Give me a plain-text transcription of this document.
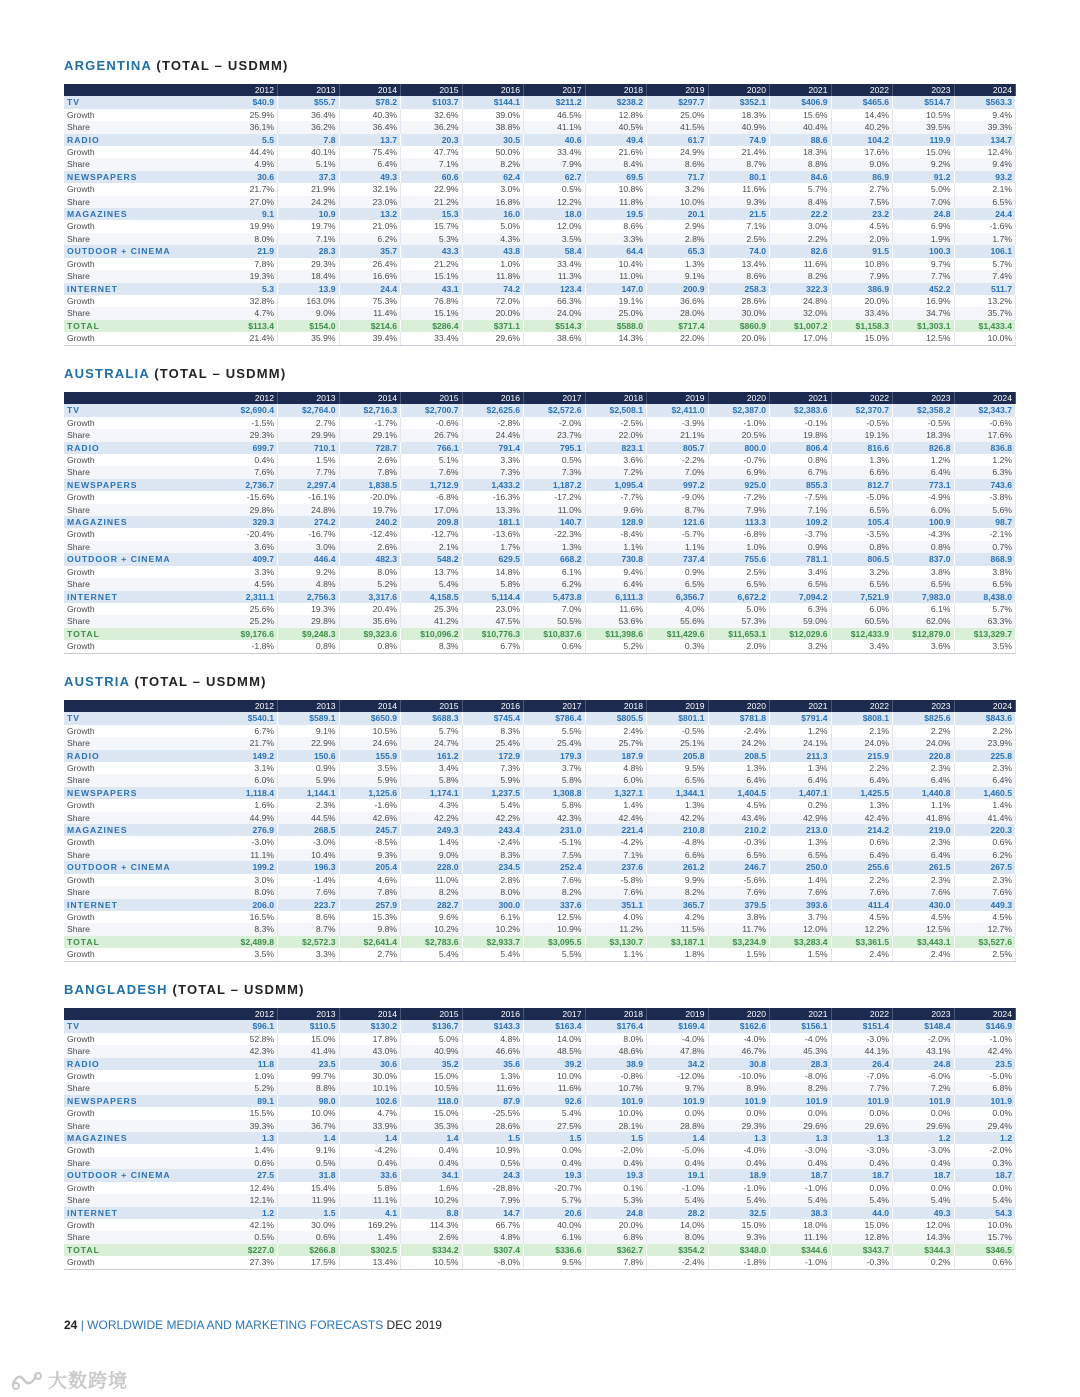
ARGENTINA (TOTAL – USDMM)
	2012	2013	2014	2015	2016	2017	2018	2019	2020	2021	2022	2023	2024
TV	$40.9	$55.7	$78.2	$103.7	$144.1	$211.2	$238.2	$297.7	$352.1	$406.9	$465.6	$514.7	$563.3
Growth	25.9%	36.4%	40.3%	32.6%	39.0%	46.5%	12.8%	25.0%	18.3%	15.6%	14.4%	10.5%	9.4%
Share	36.1%	36.2%	36.4%	36.2%	38.8%	41.1%	40.5%	41.5%	40.9%	40.4%	40.2%	39.5%	39.3%
RADIO	5.5	7.8	13.7	20.3	30.5	40.6	49.4	61.7	74.9	88.6	104.2	119.9	134.7
Growth	44.4%	40.1%	75.4%	47.7%	50.0%	33.4%	21.6%	24.9%	21.4%	18.3%	17.6%	15.0%	12.4%
Share	4.9%	5.1%	6.4%	7.1%	8.2%	7.9%	8.4%	8.6%	8.7%	8.8%	9.0%	9.2%	9.4%
NEWSPAPERS	30.6	37.3	49.3	60.6	62.4	62.7	69.5	71.7	80.1	84.6	86.9	91.2	93.2
Growth	21.7%	21.9%	32.1%	22.9%	3.0%	0.5%	10.8%	3.2%	11.6%	5.7%	2.7%	5.0%	2.1%
Share	27.0%	24.2%	23.0%	21.2%	16.8%	12.2%	11.8%	10.0%	9.3%	8.4%	7.5%	7.0%	6.5%
MAGAZINES	9.1	10.9	13.2	15.3	16.0	18.0	19.5	20.1	21.5	22.2	23.2	24.8	24.4
Growth	19.9%	19.7%	21.0%	15.7%	5.0%	12.0%	8.6%	2.9%	7.1%	3.0%	4.5%	6.9%	-1.6%
Share	8.0%	7.1%	6.2%	5.3%	4.3%	3.5%	3.3%	2.8%	2.5%	2.2%	2.0%	1.9%	1.7%
OUTDOOR + CINEMA	21.9	28.3	35.7	43.3	43.8	58.4	64.4	65.3	74.0	82.6	91.5	100.3	106.1
Growth	7.8%	29.3%	26.4%	21.2%	1.0%	33.4%	10.4%	1.3%	13.4%	11.6%	10.8%	9.7%	5.7%
Share	19.3%	18.4%	16.6%	15.1%	11.8%	11.3%	11.0%	9.1%	8.6%	8.2%	7.9%	7.7%	7.4%
INTERNET	5.3	13.9	24.4	43.1	74.2	123.4	147.0	200.9	258.3	322.3	386.9	452.2	511.7
Growth	32.8%	163.0%	75.3%	76.8%	72.0%	66.3%	19.1%	36.6%	28.6%	24.8%	20.0%	16.9%	13.2%
Share	4.7%	9.0%	11.4%	15.1%	20.0%	24.0%	25.0%	28.0%	30.0%	32.0%	33.4%	34.7%	35.7%
TOTAL	$113.4	$154.0	$214.6	$286.4	$371.1	$514.3	$588.0	$717.4	$860.9	$1,007.2	$1,158.3	$1,303.1	$1,433.4
Growth	21.4%	35.9%	39.4%	33.4%	29.6%	38.6%	14.3%	22.0%	20.0%	17.0%	15.0%	12.5%	10.0%
AUSTRALIA (TOTAL – USDMM)
	2012	2013	2014	2015	2016	2017	2018	2019	2020	2021	2022	2023	2024
TV	$2,690.4	$2,764.0	$2,716.3	$2,700.7	$2,625.6	$2,572.6	$2,508.1	$2,411.0	$2,387.0	$2,383.6	$2,370.7	$2,358.2	$2,343.7
Growth	-1.5%	2.7%	-1.7%	-0.6%	-2.8%	-2.0%	-2.5%	-3.9%	-1.0%	-0.1%	-0.5%	-0.5%	-0.6%
Share	29.3%	29.9%	29.1%	26.7%	24.4%	23.7%	22.0%	21.1%	20.5%	19.8%	19.1%	18.3%	17.6%
RADIO	699.7	710.1	728.7	766.1	791.4	795.1	823.1	805.7	800.0	806.4	816.6	826.8	836.8
Growth	0.4%	1.5%	2.6%	5.1%	3.3%	0.5%	3.6%	-2.2%	-0.7%	0.8%	1.3%	1.2%	1.2%
Share	7.6%	7.7%	7.8%	7.6%	7.3%	7.3%	7.2%	7.0%	6.9%	6.7%	6.6%	6.4%	6.3%
NEWSPAPERS	2,736.7	2,297.4	1,838.5	1,712.9	1,433.2	1,187.2	1,095.4	997.2	925.0	855.3	812.7	773.1	743.6
Growth	-15.6%	-16.1%	-20.0%	-6.8%	-16.3%	-17.2%	-7.7%	-9.0%	-7.2%	-7.5%	-5.0%	-4.9%	-3.8%
Share	29.8%	24.8%	19.7%	17.0%	13.3%	11.0%	9.6%	8.7%	7.9%	7.1%	6.5%	6.0%	5.6%
MAGAZINES	329.3	274.2	240.2	209.8	181.1	140.7	128.9	121.6	113.3	109.2	105.4	100.9	98.7
Growth	-20.4%	-16.7%	-12.4%	-12.7%	-13.6%	-22.3%	-8.4%	-5.7%	-6.8%	-3.7%	-3.5%	-4.3%	-2.1%
Share	3.6%	3.0%	2.6%	2.1%	1.7%	1.3%	1.1%	1.1%	1.0%	0.9%	0.8%	0.8%	0.7%
OUTDOOR + CINEMA	409.7	446.4	482.3	548.2	629.5	668.2	730.8	737.4	755.6	781.1	806.5	837.0	868.9
Growth	3.3%	9.2%	8.0%	13.7%	14.8%	6.1%	9.4%	0.9%	2.5%	3.4%	3.2%	3.8%	3.8%
Share	4.5%	4.8%	5.2%	5.4%	5.8%	6.2%	6.4%	6.5%	6.5%	6.5%	6.5%	6.5%	6.5%
INTERNET	2,311.1	2,756.3	3,317.6	4,158.5	5,114.4	5,473.8	6,111.3	6,356.7	6,672.2	7,094.2	7,521.9	7,983.0	8,438.0
Growth	25.6%	19.3%	20.4%	25.3%	23.0%	7.0%	11.6%	4.0%	5.0%	6.3%	6.0%	6.1%	5.7%
Share	25.2%	29.8%	35.6%	41.2%	47.5%	50.5%	53.6%	55.6%	57.3%	59.0%	60.5%	62.0%	63.3%
TOTAL	$9,176.6	$9,248.3	$9,323.6	$10,096.2	$10,776.3	$10,837.6	$11,398.6	$11,429.6	$11,653.1	$12,029.6	$12,433.9	$12,879.0	$13,329.7
Growth	-1.8%	0.8%	0.8%	8.3%	6.7%	0.6%	5.2%	0.3%	2.0%	3.2%	3.4%	3.6%	3.5%
AUSTRIA (TOTAL – USDMM)
	2012	2013	2014	2015	2016	2017	2018	2019	2020	2021	2022	2023	2024
TV	$540.1	$589.1	$650.9	$688.3	$745.4	$786.4	$805.5	$801.1	$781.8	$791.4	$808.1	$825.6	$843.6
Growth	6.7%	9.1%	10.5%	5.7%	8.3%	5.5%	2.4%	-0.5%	-2.4%	1.2%	2.1%	2.2%	2.2%
Share	21.7%	22.9%	24.6%	24.7%	25.4%	25.4%	25.7%	25.1%	24.2%	24.1%	24.0%	24.0%	23.9%
RADIO	149.2	150.6	155.9	161.2	172.9	179.3	187.9	205.8	208.5	211.3	215.9	220.8	225.8
Growth	3.1%	0.9%	3.5%	3.4%	7.3%	3.7%	4.8%	9.5%	1.3%	1.3%	2.2%	2.3%	2.3%
Share	6.0%	5.9%	5.9%	5.8%	5.9%	5.8%	6.0%	6.5%	6.4%	6.4%	6.4%	6.4%	6.4%
NEWSPAPERS	1,118.4	1,144.1	1,125.6	1,174.1	1,237.5	1,308.8	1,327.1	1,344.1	1,404.5	1,407.1	1,425.5	1,440.8	1,460.5
Growth	1.6%	2.3%	-1.6%	4.3%	5.4%	5.8%	1.4%	1.3%	4.5%	0.2%	1.3%	1.1%	1.4%
Share	44.9%	44.5%	42.6%	42.2%	42.2%	42.3%	42.4%	42.2%	43.4%	42.9%	42.4%	41.8%	41.4%
MAGAZINES	276.9	268.5	245.7	249.3	243.4	231.0	221.4	210.8	210.2	213.0	214.2	219.0	220.3
Growth	-3.0%	-3.0%	-8.5%	1.4%	-2.4%	-5.1%	-4.2%	-4.8%	-0.3%	1.3%	0.6%	2.3%	0.6%
Share	11.1%	10.4%	9.3%	9.0%	8.3%	7.5%	7.1%	6.6%	6.5%	6.5%	6.4%	6.4%	6.2%
OUTDOOR + CINEMA	199.2	196.3	205.4	228.0	234.5	252.4	237.6	261.2	246.7	250.0	255.6	261.5	267.5
Growth	3.0%	-1.4%	4.6%	11.0%	2.8%	7.6%	-5.8%	9.9%	-5.6%	1.4%	2.2%	2.3%	2.3%
Share	8.0%	7.6%	7.8%	8.2%	8.0%	8.2%	7.6%	8.2%	7.6%	7.6%	7.6%	7.6%	7.6%
INTERNET	206.0	223.7	257.9	282.7	300.0	337.6	351.1	365.7	379.5	393.6	411.4	430.0	449.3
Growth	16.5%	8.6%	15.3%	9.6%	6.1%	12.5%	4.0%	4.2%	3.8%	3.7%	4.5%	4.5%	4.5%
Share	8.3%	8.7%	9.8%	10.2%	10.2%	10.9%	11.2%	11.5%	11.7%	12.0%	12.2%	12.5%	12.7%
TOTAL	$2,489.8	$2,572.3	$2,641.4	$2,783.6	$2,933.7	$3,095.5	$3,130.7	$3,187.1	$3,234.9	$3,283.4	$3,361.5	$3,443.1	$3,527.6
Growth	3.5%	3.3%	2.7%	5.4%	5.4%	5.5%	1.1%	1.8%	1.5%	1.5%	2.4%	2.4%	2.5%
BANGLADESH (TOTAL – USDMM)
	2012	2013	2014	2015	2016	2017	2018	2019	2020	2021	2022	2023	2024
TV	$96.1	$110.5	$130.2	$136.7	$143.3	$163.4	$176.4	$169.4	$162.6	$156.1	$151.4	$148.4	$146.9
Growth	52.8%	15.0%	17.8%	5.0%	4.8%	14.0%	8.0%	-4.0%	-4.0%	-4.0%	-3.0%	-2.0%	-1.0%
Share	42.3%	41.4%	43.0%	40.9%	46.6%	48.5%	48.6%	47.8%	46.7%	45.3%	44.1%	43.1%	42.4%
RADIO	11.8	23.5	30.6	35.2	35.6	39.2	38.9	34.2	30.8	28.3	26.4	24.8	23.5
Growth	1.0%	99.7%	30.0%	15.0%	1.3%	10.0%	-0.8%	-12.0%	-10.0%	-8.0%	-7.0%	-6.0%	-5.0%
Share	5.2%	8.8%	10.1%	10.5%	11.6%	11.6%	10.7%	9.7%	8.9%	8.2%	7.7%	7.2%	6.8%
NEWSPAPERS	89.1	98.0	102.6	118.0	87.9	92.6	101.9	101.9	101.9	101.9	101.9	101.9	101.9
Growth	15.5%	10.0%	4.7%	15.0%	-25.5%	5.4%	10.0%	0.0%	0.0%	0.0%	0.0%	0.0%	0.0%
Share	39.3%	36.7%	33.9%	35.3%	28.6%	27.5%	28.1%	28.8%	29.3%	29.6%	29.6%	29.6%	29.4%
MAGAZINES	1.3	1.4	1.4	1.4	1.5	1.5	1.5	1.4	1.3	1.3	1.3	1.2	1.2
Growth	1.4%	9.1%	-4.2%	0.4%	10.9%	0.0%	-2.0%	-5.0%	-4.0%	-3.0%	-3.0%	-3.0%	-2.0%
Share	0.6%	0.5%	0.4%	0.4%	0.5%	0.4%	0.4%	0.4%	0.4%	0.4%	0.4%	0.4%	0.3%
OUTDOOR + CINEMA	27.5	31.8	33.6	34.1	24.3	19.3	19.3	19.1	18.9	18.7	18.7	18.7	18.7
Growth	12.4%	15.4%	5.8%	1.6%	-28.8%	-20.7%	0.1%	-1.0%	-1.0%	-1.0%	0.0%	0.0%	0.0%
Share	12.1%	11.9%	11.1%	10.2%	7.9%	5.7%	5.3%	5.4%	5.4%	5.4%	5.4%	5.4%	5.4%
INTERNET	1.2	1.5	4.1	8.8	14.7	20.6	24.8	28.2	32.5	38.3	44.0	49.3	54.3
Growth	42.1%	30.0%	169.2%	114.3%	66.7%	40.0%	20.0%	14.0%	15.0%	18.0%	15.0%	12.0%	10.0%
Share	0.5%	0.6%	1.4%	2.6%	4.8%	6.1%	6.8%	8.0%	9.3%	11.1%	12.8%	14.3%	15.7%
TOTAL	$227.0	$266.8	$302.5	$334.2	$307.4	$336.6	$362.7	$354.2	$348.0	$344.6	$343.7	$344.3	$346.5
Growth	27.3%	17.5%	13.4%	10.5%	-8.0%	9.5%	7.8%	-2.4%	-1.8%	-1.0%	-0.3%	0.2%	0.6%
24 | WORLDWIDE MEDIA AND MARKETING FORECASTS DEC 2019
大数跨境
